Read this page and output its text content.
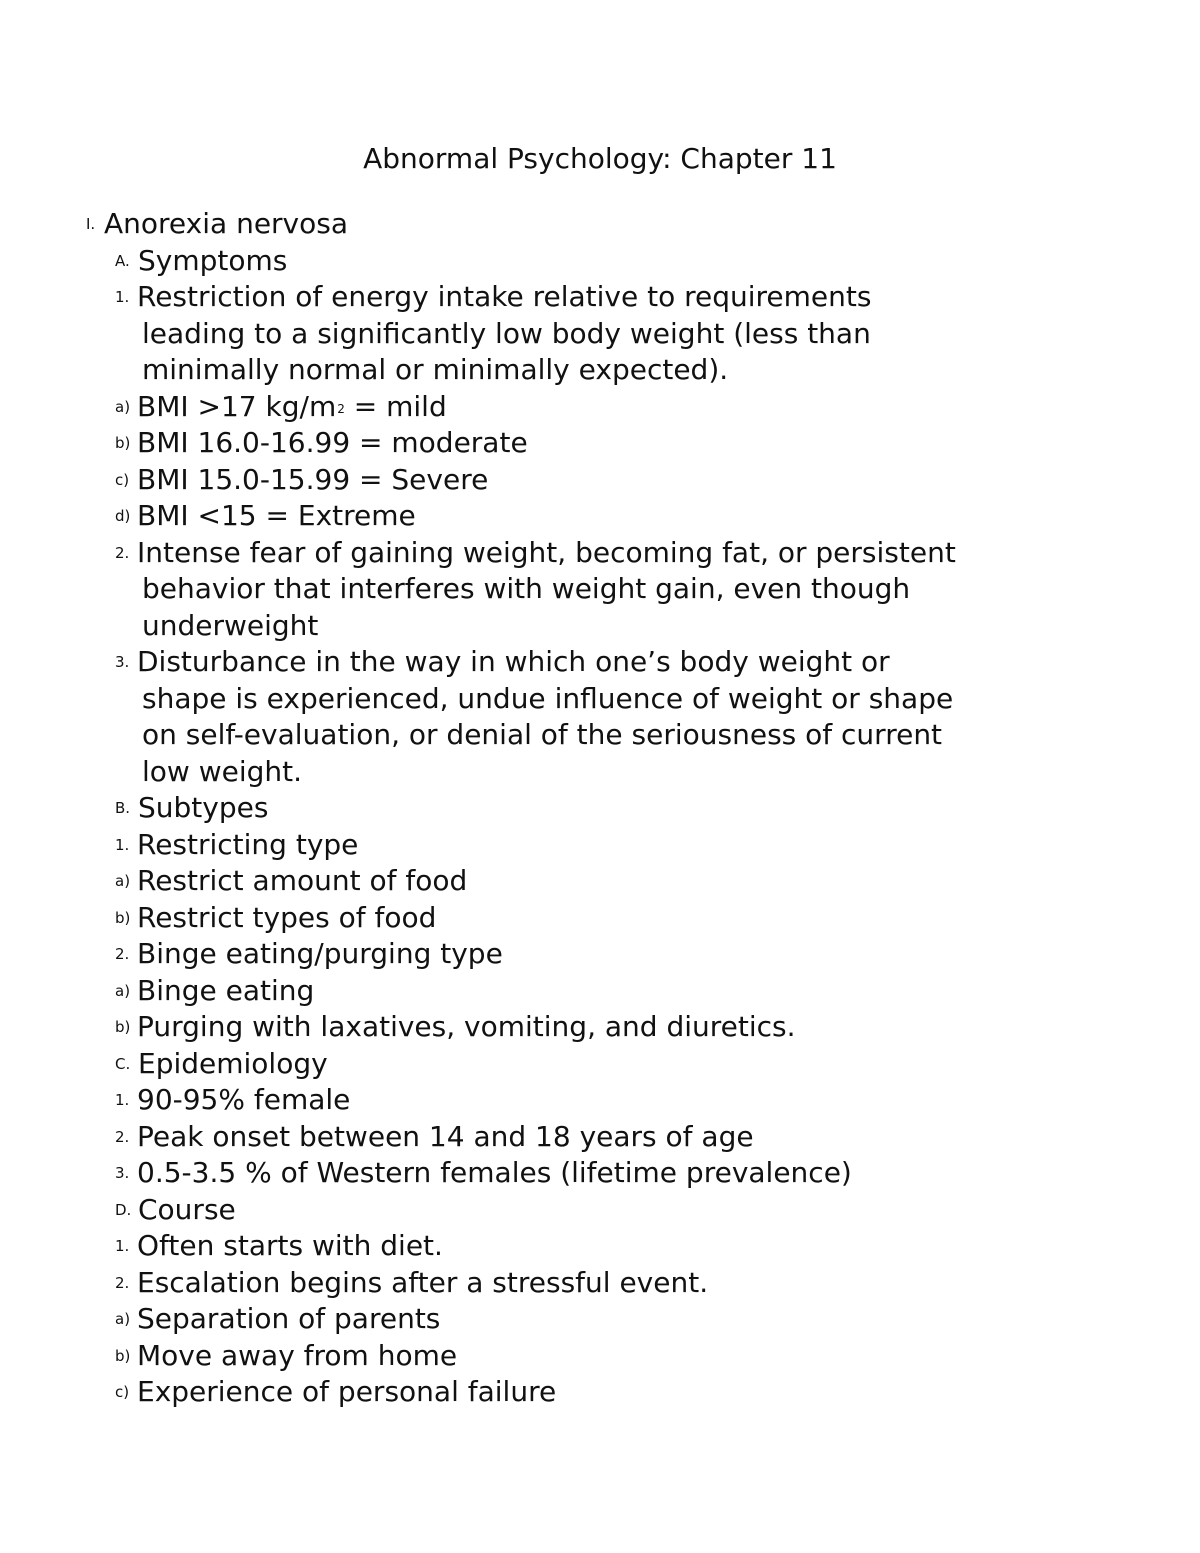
Abnormal Psychology: Chapter 11
I. Anorexia nervosa
A. Symptoms
1. Restriction of energy intake relative to requirements
leading to a significantly low body weight (less than
minimally normal or minimally expected).
a) BMI >17 $kg/m^2$ = mild
b) BMI 16.0-16.99 = moderate
c) BMI 15.0-15.99 = Severe
d) BMI <15 = Extreme
2. Intense fear of gaining weight, becoming fat, or persistent
behavior that interferes with weight gain, even though
underweight
3. Disturbance in the way in which one’s body weight or
shape is experienced, undue influence of weight or shape
on self-evaluation, or denial of the seriousness of current
low weight.
B. Subtypes
1. Restricting type
a) Restrict amount of food
b) Restrict types of food
2. Binge eating/purging type
a) Binge eating
b) Purging with laxatives, vomiting, and diuretics.
C. Epidemiology
1. 90-95% female
2. Peak onset between 14 and 18 years of age
3. 0.5-3.5 % of Western females (lifetime prevalence)
D. Course
1. Often starts with diet.
2. Escalation begins after a stressful event.
a) Separation of parents
b) Move away from home
c) Experience of personal failure
